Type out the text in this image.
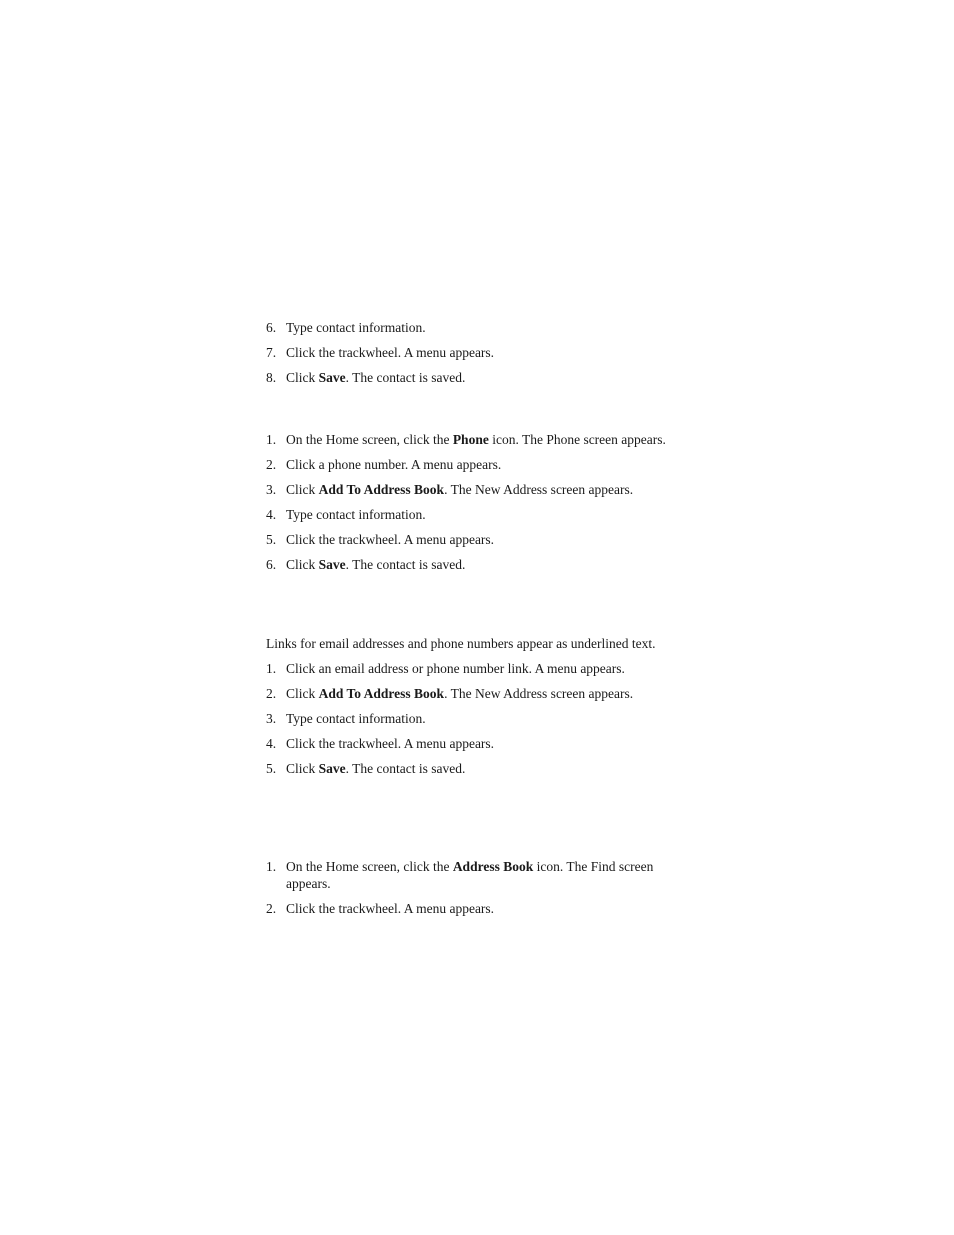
6. Type contact information.
7. Click the trackwheel. A menu appears.
8. Click Save. The contact is saved.
1. On the Home screen, click the Phone icon. The Phone screen appears.
2. Click a phone number. A menu appears.
3. Click Add To Address Book. The New Address screen appears.
4. Type contact information.
5. Click the trackwheel. A menu appears.
6. Click Save. The contact is saved.

Links for email addresses and phone numbers appear as underlined text.

1. Click an email address or phone number link. A menu appears.
2. Click Add To Address Book. The New Address screen appears.
3. Type contact information.
4. Click the trackwheel. A menu appears.
5. Click Save. The contact is saved.
1. On the Home screen, click the Address Book icon. The Find screen appears.
2. Click the trackwheel. A menu appears.
